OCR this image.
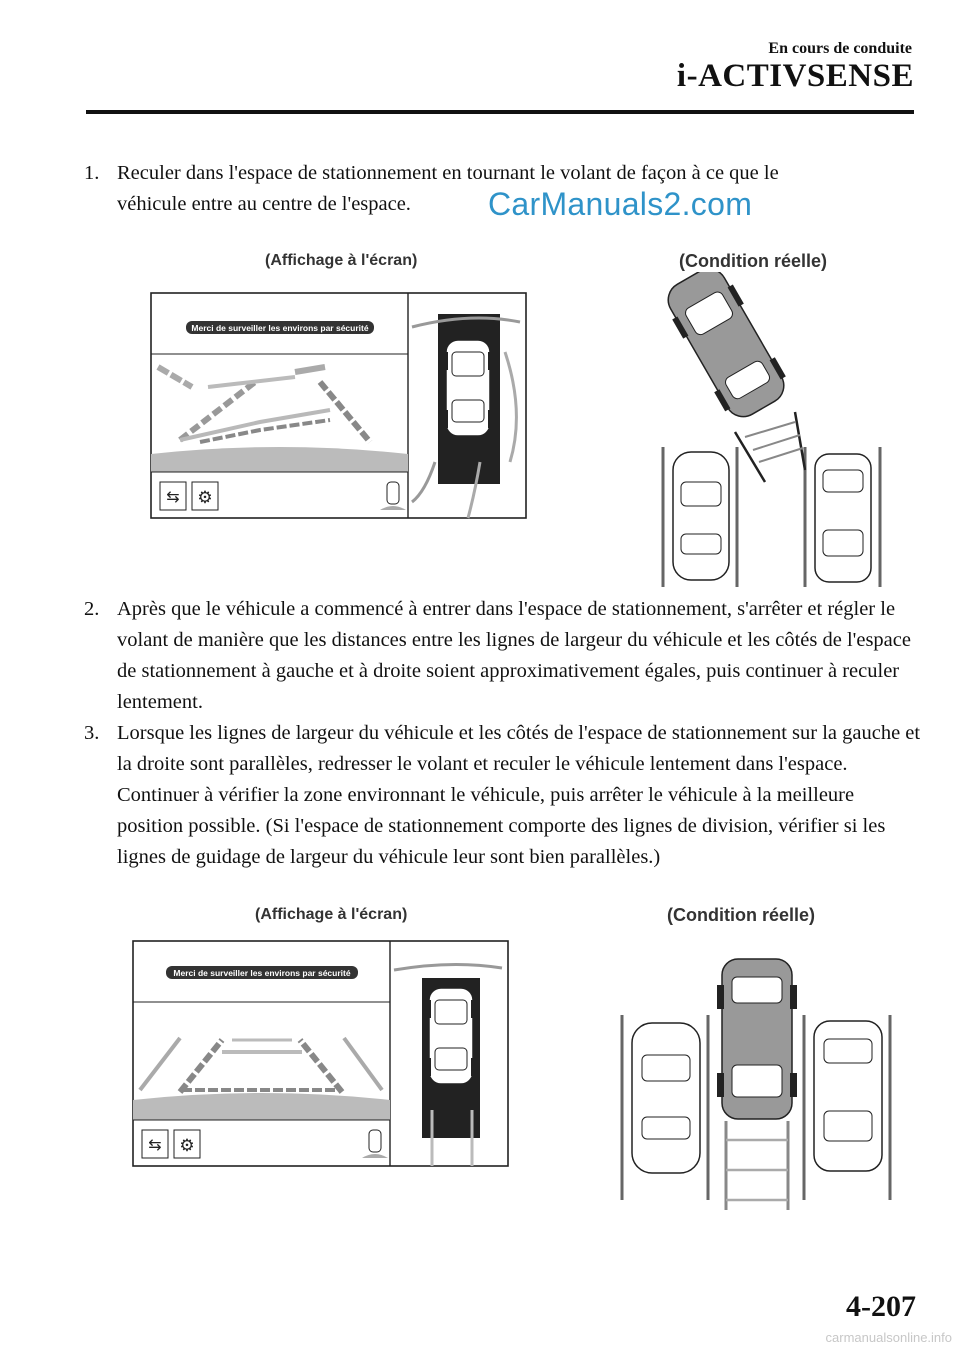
En cours de conduite
i-ACTIVSENSE
1. Reculer dans l'espace de stationnement en tournant le volant de façon à ce que le véhicule entre au centre de l'espace.	CarManuals2.com
(Affichage à l'écran)	(Condition réelle)
Merci de surveiller les environs par sécurité
⇆ ⚙
2. Après que le véhicule a commencé à entrer dans l'espace de stationnement, s'arrêter et régler le volant de manière que les distances entre les lignes de largeur du véhicule et les côtés de l'espace de stationnement à gauche et à droite soient approximativement égales, puis continuer à reculer lentement.
3. Lorsque les lignes de largeur du véhicule et les côtés de l'espace de stationnement sur la gauche et la droite sont parallèles, redresser le volant et reculer le véhicule lentement dans l'espace. Continuer à vérifier la zone environnant le véhicule, puis arrêter le véhicule à la meilleure position possible. (Si l'espace de stationnement comporte des lignes de division, vérifier si les lignes de guidage de largeur du véhicule leur sont bien parallèles.)
(Affichage à l'écran)	(Condition réelle)
Merci de surveiller les environs par sécurité
⇆ ⚙
4-207
carmanualsonline.info
